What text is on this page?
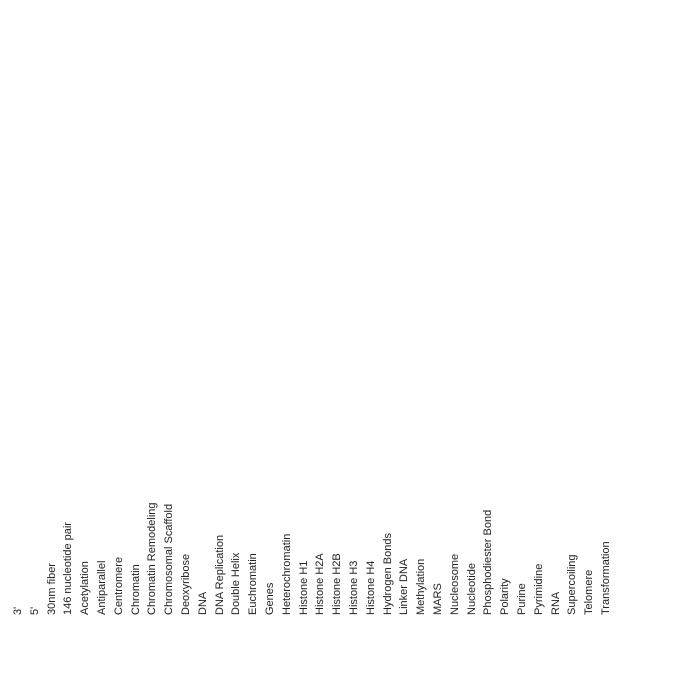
3' 5' 30nm fiber 146 nucleotide pair Acetylation Antiparallel Centromere Chromatin Chromatin Remodeling Chromosomal Scaffold Deoxyribose DNA DNA Replication Double Helix Euchromatin Genes Heterochromatin Histone H1 Histone H2A Histone H2B Histone H3 Histone H4 Hydrogen Bonds Linker DNA Methylation MARS Nucleosome Nucleotide Phosphodiester Bond Polarity Purine Pyrimidine RNA Supercoiling Telomere Transformation
